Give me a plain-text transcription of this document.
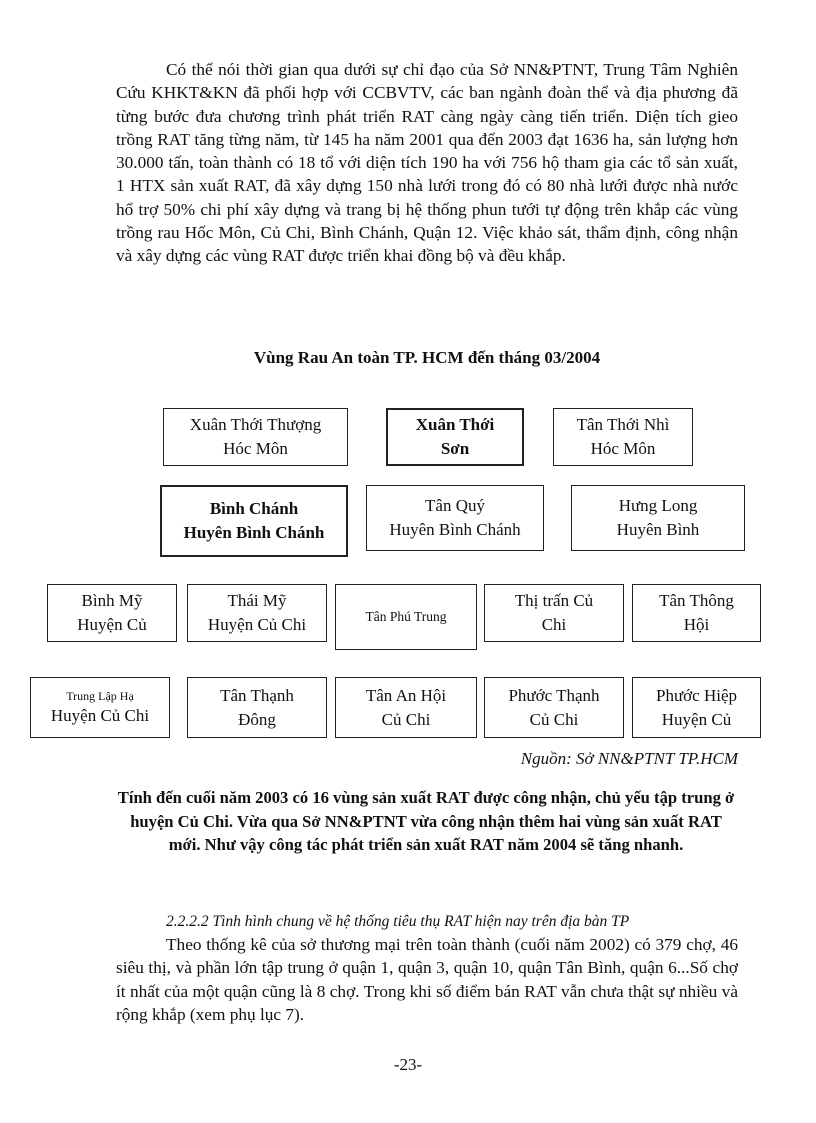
Có thể nói thời gian qua dưới sự chỉ đạo của Sở NN&PTNT, Trung Tâm Nghiên Cứu KHKT&KN đã phối hợp với CCBVTV, các ban ngành đoàn thể và địa phương đã từng bước đưa chương trình phát triển RAT càng ngày càng tiến triển. Diện tích gieo trồng RAT tăng từng năm, từ 145 ha năm 2001 qua đến 2003 đạt 1636 ha, sản lượng hơn 30.000 tấn, toàn thành có 18 tổ với diện tích 190 ha với 756 hộ tham gia các tổ sản xuất, 1 HTX sản xuất RAT, đã xây dựng 150 nhà lưới trong đó có 80 nhà lưới được nhà nước hổ trợ 50% chi phí xây dựng và trang bị hệ thống phun tưới tự động trên khắp các vùng trồng rau Hốc Môn, Củ Chi, Bình Chánh, Quận 12. Việc khảo sát, thẩm định, công nhận và xây dựng các vùng RAT được triển khai đồng bộ và đều khắp.

Vùng Rau An toàn TP. HCM đến tháng 03/2004

Xuân Thới Thượng
Hóc Môn
Xuân Thới
Sơn
Tân Thới Nhì
Hóc Môn
Bình Chánh
Huyên Bình Chánh
Tân Quý
Huyên Bình Chánh
Hưng Long
Huyên Bình
Bình Mỹ
Huyện Củ
Thái Mỹ
Huyện Củ Chi	Tân Phú Trung
Thị trấn Củ
Chi
Tân Thông
Hội
Trung Lập Hạ
Huyện Củ Chi
Tân Thạnh
Đông
Tân An Hội
Củ Chi
Phước Thạnh
Củ Chi
Phước Hiệp
Huyện Củ

Nguồn: Sở NN&PTNT TP.HCM

Tính đến cuối năm 2003 có 16 vùng sản xuất RAT được công nhận, chủ yếu tập trung ở huyện Củ Chi. Vừa qua Sở NN&PTNT vừa công nhận thêm hai vùng sản xuất RAT mới. Như vậy công tác phát triển sản xuất RAT năm 2004 sẽ tăng nhanh.

2.2.2.2 Tình hình chung về hệ thống tiêu thụ RAT hiện nay trên địa bàn TP

Theo thống kê của sở thương mại trên toàn thành (cuối năm 2002) có 379 chợ, 46 siêu thị, và phần lớn tập trung ở quận 1, quận 3, quận 10, quận Tân Bình, quận 6...Số chợ ít nhất của một quận cũng là 8 chợ. Trong khi số điểm bán RAT vẫn chưa thật sự nhiều và rộng khắp (xem phụ lục 7).

-23-
